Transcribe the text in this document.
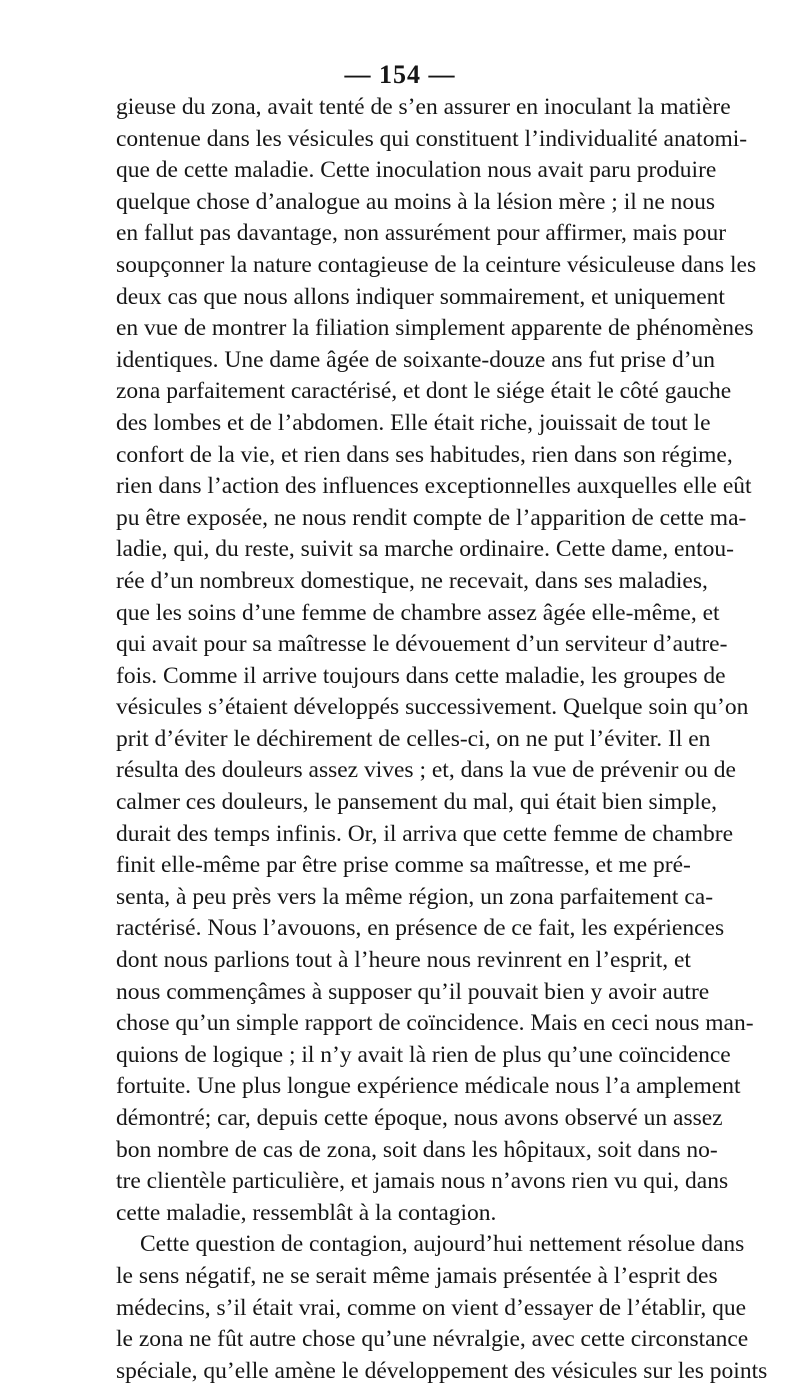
— 154 —
gieuse du zona, avait tenté de s’en assurer en inoculant la matière
contenue dans les vésicules qui constituent l’individualité anatomi-
que de cette maladie. Cette inoculation nous avait paru produire
quelque chose d’analogue au moins à la lésion mère ; il ne nous
en fallut pas davantage, non assurément pour affirmer, mais pour
soupçonner la nature contagieuse de la ceinture vésiculeuse dans les
deux cas que nous allons indiquer sommairement, et uniquement
en vue de montrer la filiation simplement apparente de phénomènes
identiques. Une dame âgée de soixante-douze ans fut prise d’un
zona parfaitement caractérisé, et dont le siége était le côté gauche
des lombes et de l’abdomen. Elle était riche, jouissait de tout le
confort de la vie, et rien dans ses habitudes, rien dans son régime,
rien dans l’action des influences exceptionnelles auxquelles elle eût
pu être exposée, ne nous rendit compte de l’apparition de cette ma-
ladie, qui, du reste, suivit sa marche ordinaire. Cette dame, entou-
rée d’un nombreux domestique, ne recevait, dans ses maladies,
que les soins d’une femme de chambre assez âgée elle-même, et
qui avait pour sa maîtresse le dévouement d’un serviteur d’autre-
fois. Comme il arrive toujours dans cette maladie, les groupes de
vésicules s’étaient développés successivement. Quelque soin qu’on
prit d’éviter le déchirement de celles-ci, on ne put l’éviter. Il en
résulta des douleurs assez vives ; et, dans la vue de prévenir ou de
calmer ces douleurs, le pansement du mal, qui était bien simple,
durait des temps infinis. Or, il arriva que cette femme de chambre
finit elle-même par être prise comme sa maîtresse, et me pré-
senta, à peu près vers la même région, un zona parfaitement ca-
ractérisé. Nous l’avouons, en présence de ce fait, les expériences
dont nous parlions tout à l’heure nous revinrent en l’esprit, et
nous commençâmes à supposer qu’il pouvait bien y avoir autre
chose qu’un simple rapport de coïncidence. Mais en ceci nous man-
quions de logique ; il n’y avait là rien de plus qu’une coïncidence
fortuite. Une plus longue expérience médicale nous l’a amplement
démontré; car, depuis cette époque, nous avons observé un assez
bon nombre de cas de zona, soit dans les hôpitaux, soit dans no-
tre clientèle particulière, et jamais nous n’avons rien vu qui, dans
cette maladie, ressemblât à la contagion.
Cette question de contagion, aujourd’hui nettement résolue dans
le sens négatif, ne se serait même jamais présentée à l’esprit des
médecins, s’il était vrai, comme on vient d’essayer de l’établir, que
le zona ne fût autre chose qu’une névralgie, avec cette circonstance
spéciale, qu’elle amène le développement des vésicules sur les points
